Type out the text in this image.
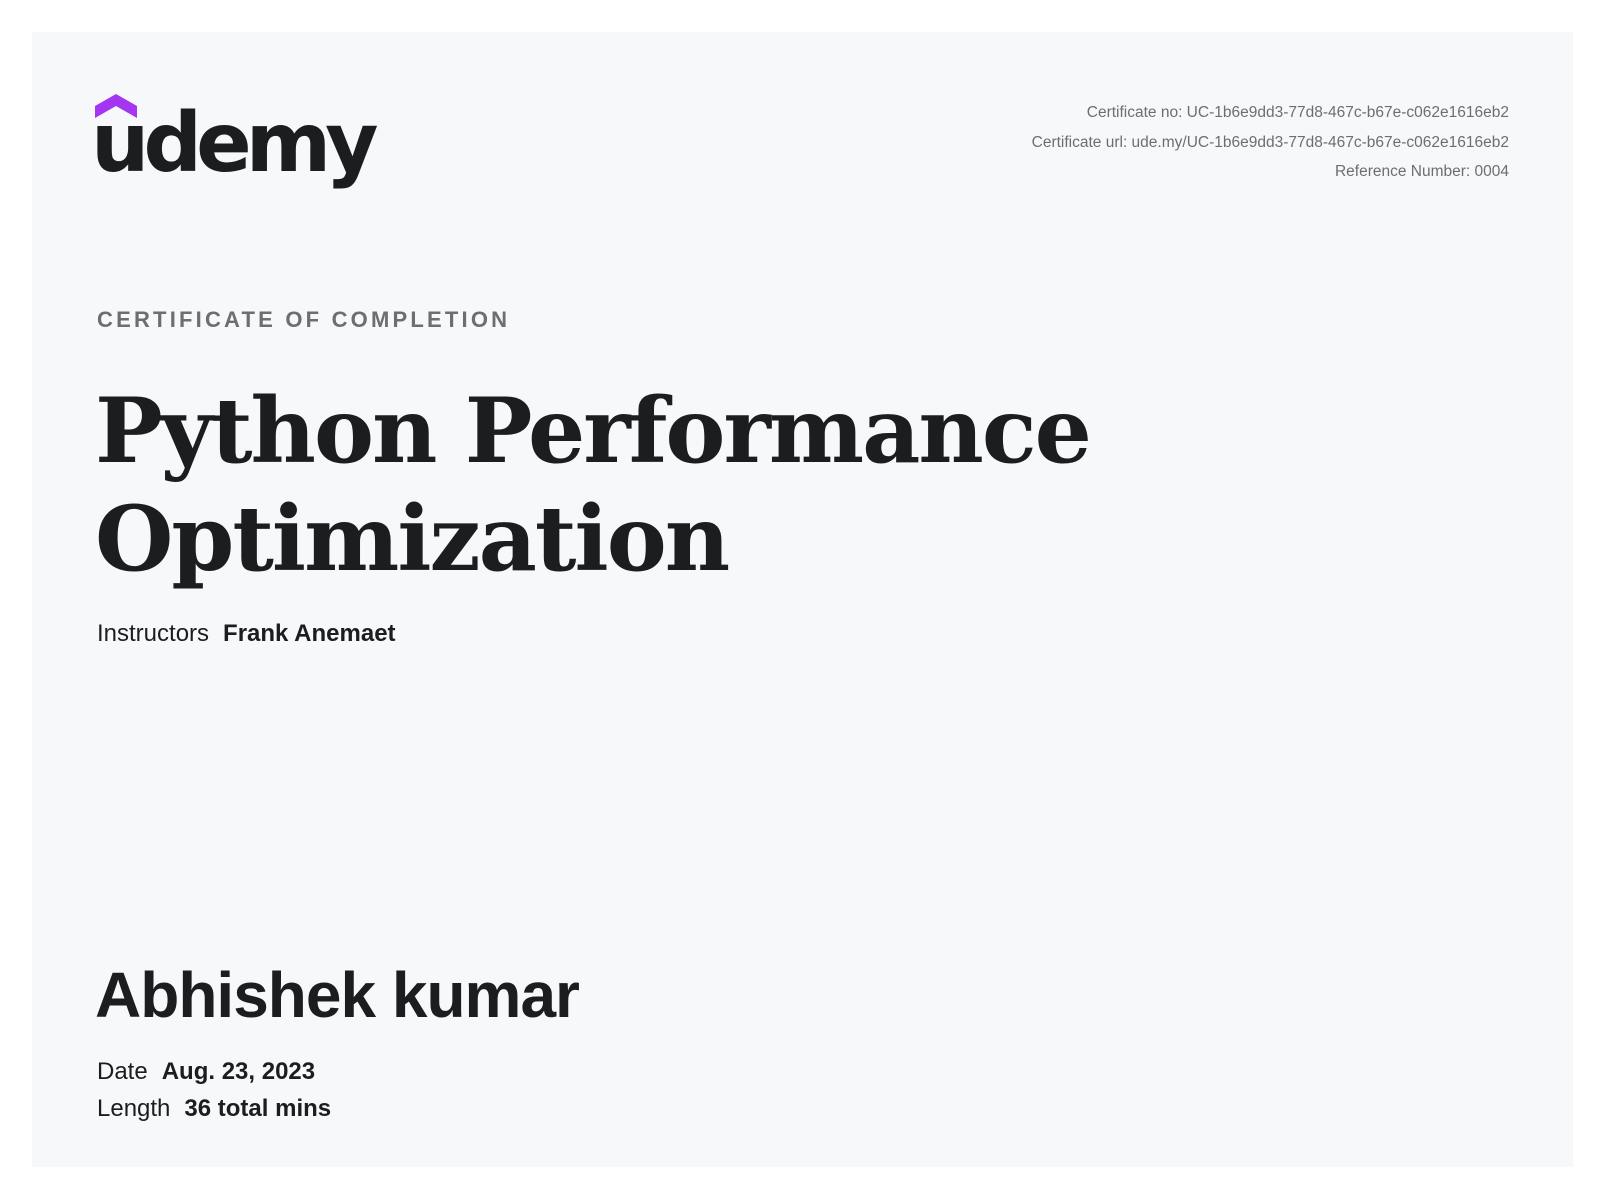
udemy	Certificate no: UC-1b6e9dd3-77d8-467c-b67e-c062e1616eb2
Certificate url: ude.my/UC-1b6e9dd3-77d8-467c-b67e-c062e1616eb2
Reference Number: 0004
CERTIFICATE OF COMPLETION
Python Performance
Optimization
Instructors Frank Anemaet
Abhishek kumar
Date Aug. 23, 2023
Length 36 total mins
